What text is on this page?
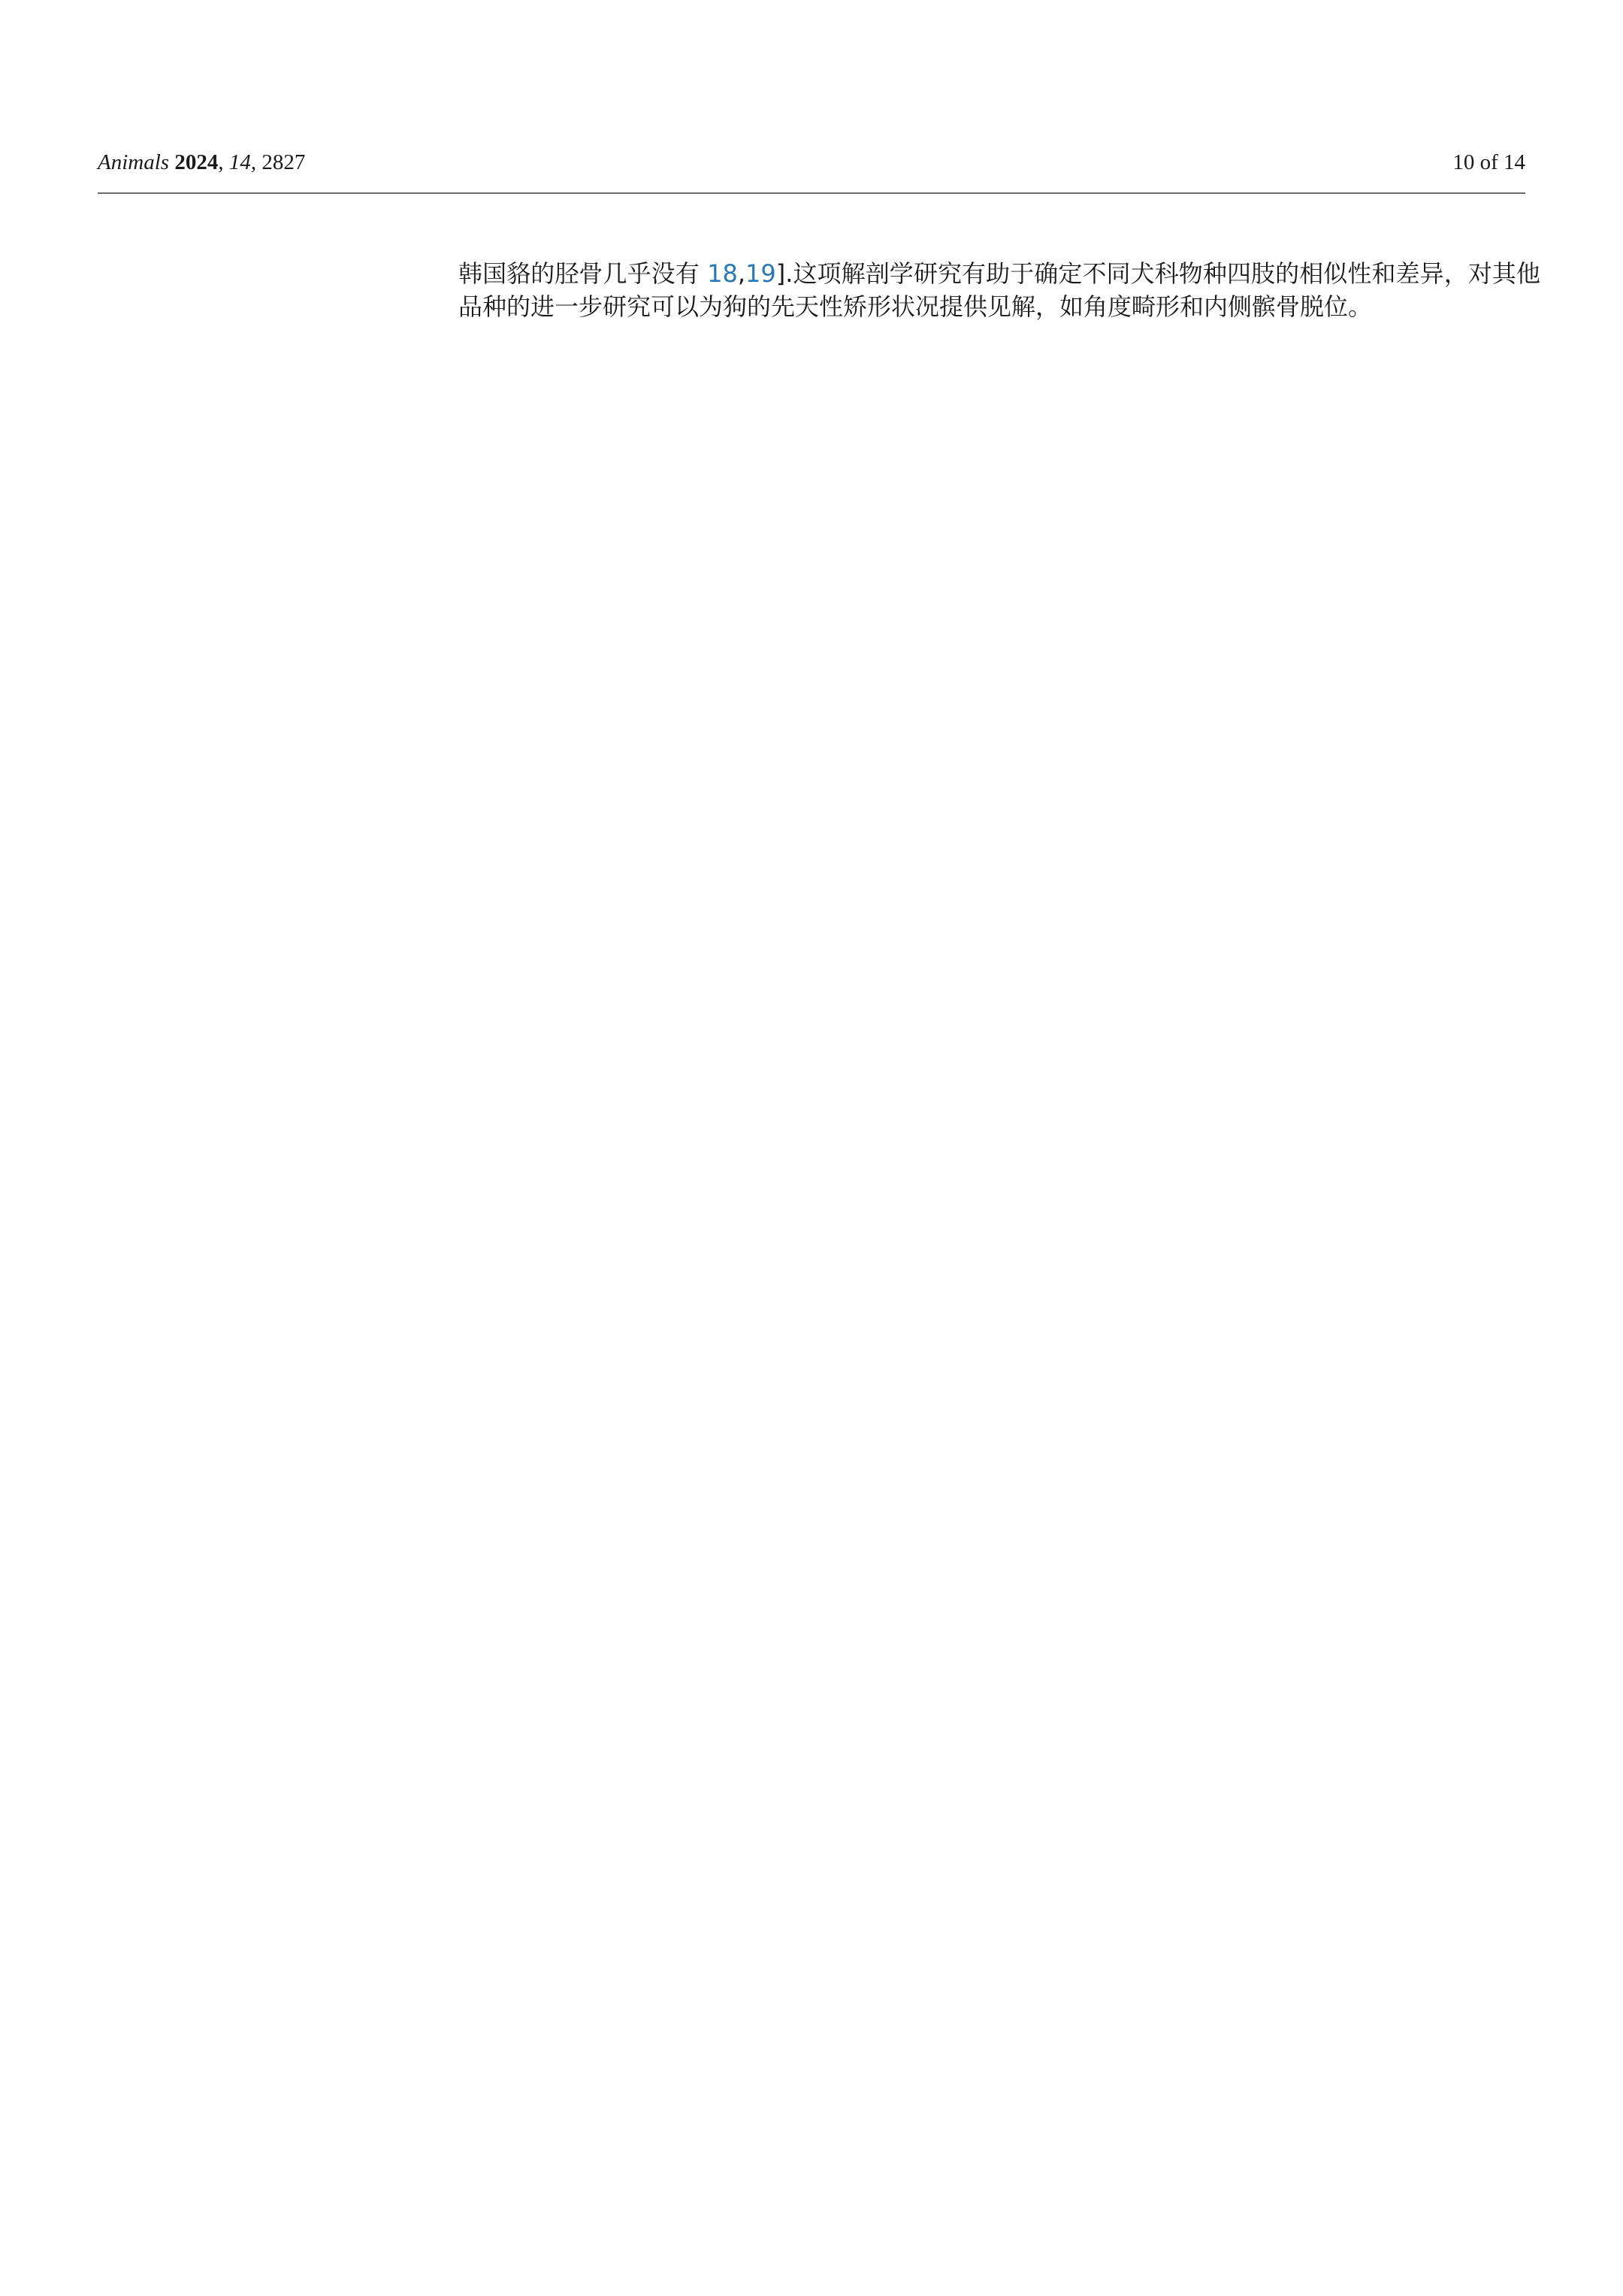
Animals 2024, 14, 2827	10 of 14

韩国貉的胫骨几乎没有 18,19].这项解剖学研究有助于确定不同犬科物种四肢的相似性和差异，对其他品种的进一步研究可以为狗的先天性矫形状况提供见解，如角度畸形和内侧髌骨脱位。
